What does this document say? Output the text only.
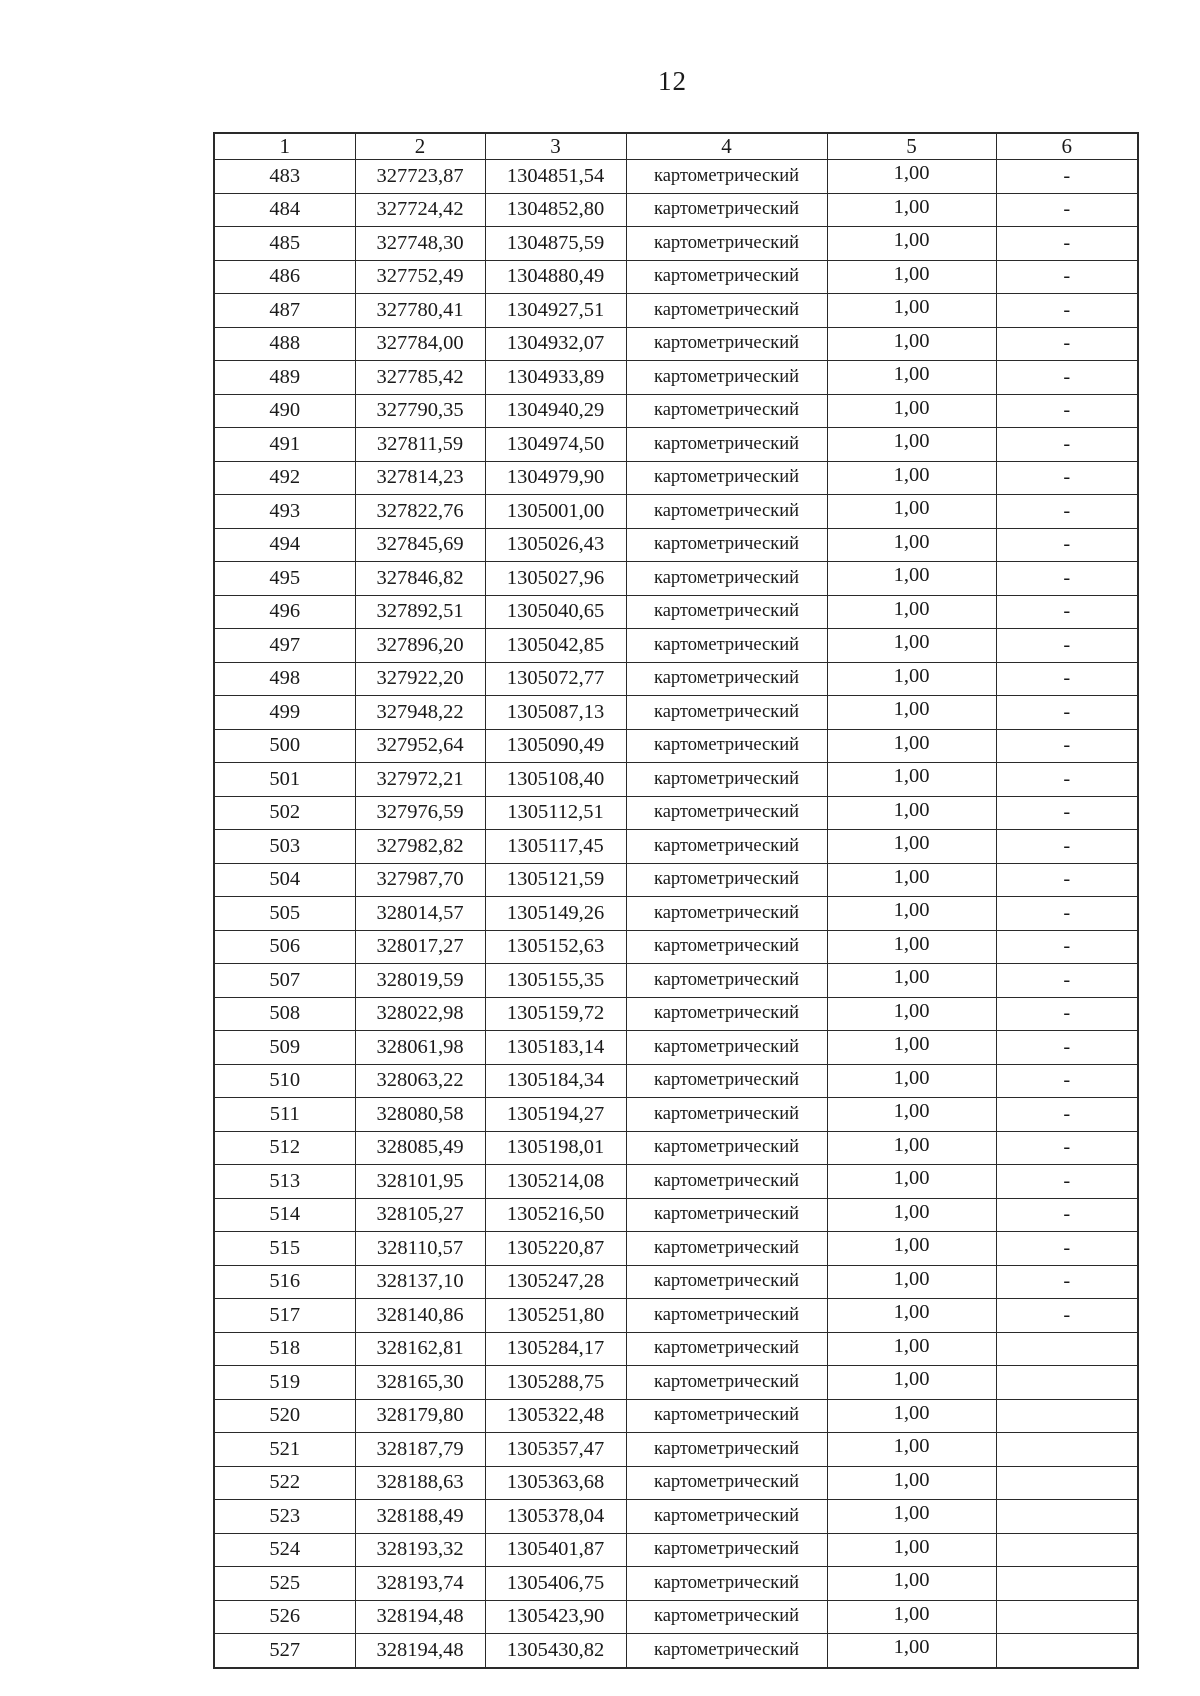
12
1	2	3	4	5	6
483	327723,87	1304851,54	картометрический	1,00	-
484	327724,42	1304852,80	картометрический	1,00	-
485	327748,30	1304875,59	картометрический	1,00	-
486	327752,49	1304880,49	картометрический	1,00	-
487	327780,41	1304927,51	картометрический	1,00	-
488	327784,00	1304932,07	картометрический	1,00	-
489	327785,42	1304933,89	картометрический	1,00	-
490	327790,35	1304940,29	картометрический	1,00	-
491	327811,59	1304974,50	картометрический	1,00	-
492	327814,23	1304979,90	картометрический	1,00	-
493	327822,76	1305001,00	картометрический	1,00	-
494	327845,69	1305026,43	картометрический	1,00	-
495	327846,82	1305027,96	картометрический	1,00	-
496	327892,51	1305040,65	картометрический	1,00	-
497	327896,20	1305042,85	картометрический	1,00	-
498	327922,20	1305072,77	картометрический	1,00	-
499	327948,22	1305087,13	картометрический	1,00	-
500	327952,64	1305090,49	картометрический	1,00	-
501	327972,21	1305108,40	картометрический	1,00	-
502	327976,59	1305112,51	картометрический	1,00	-
503	327982,82	1305117,45	картометрический	1,00	-
504	327987,70	1305121,59	картометрический	1,00	-
505	328014,57	1305149,26	картометрический	1,00	-
506	328017,27	1305152,63	картометрический	1,00	-
507	328019,59	1305155,35	картометрический	1,00	-
508	328022,98	1305159,72	картометрический	1,00	-
509	328061,98	1305183,14	картометрический	1,00	-
510	328063,22	1305184,34	картометрический	1,00	-
511	328080,58	1305194,27	картометрический	1,00	-
512	328085,49	1305198,01	картометрический	1,00	-
513	328101,95	1305214,08	картометрический	1,00	-
514	328105,27	1305216,50	картометрический	1,00	-
515	328110,57	1305220,87	картометрический	1,00	-
516	328137,10	1305247,28	картометрический	1,00	-
517	328140,86	1305251,80	картометрический	1,00	-
518	328162,81	1305284,17	картометрический	1,00	
519	328165,30	1305288,75	картометрический	1,00	
520	328179,80	1305322,48	картометрический	1,00	
521	328187,79	1305357,47	картометрический	1,00	
522	328188,63	1305363,68	картометрический	1,00	
523	328188,49	1305378,04	картометрический	1,00	
524	328193,32	1305401,87	картометрический	1,00	
525	328193,74	1305406,75	картометрический	1,00	
526	328194,48	1305423,90	картометрический	1,00	
527	328194,48	1305430,82	картометрический	1,00	
